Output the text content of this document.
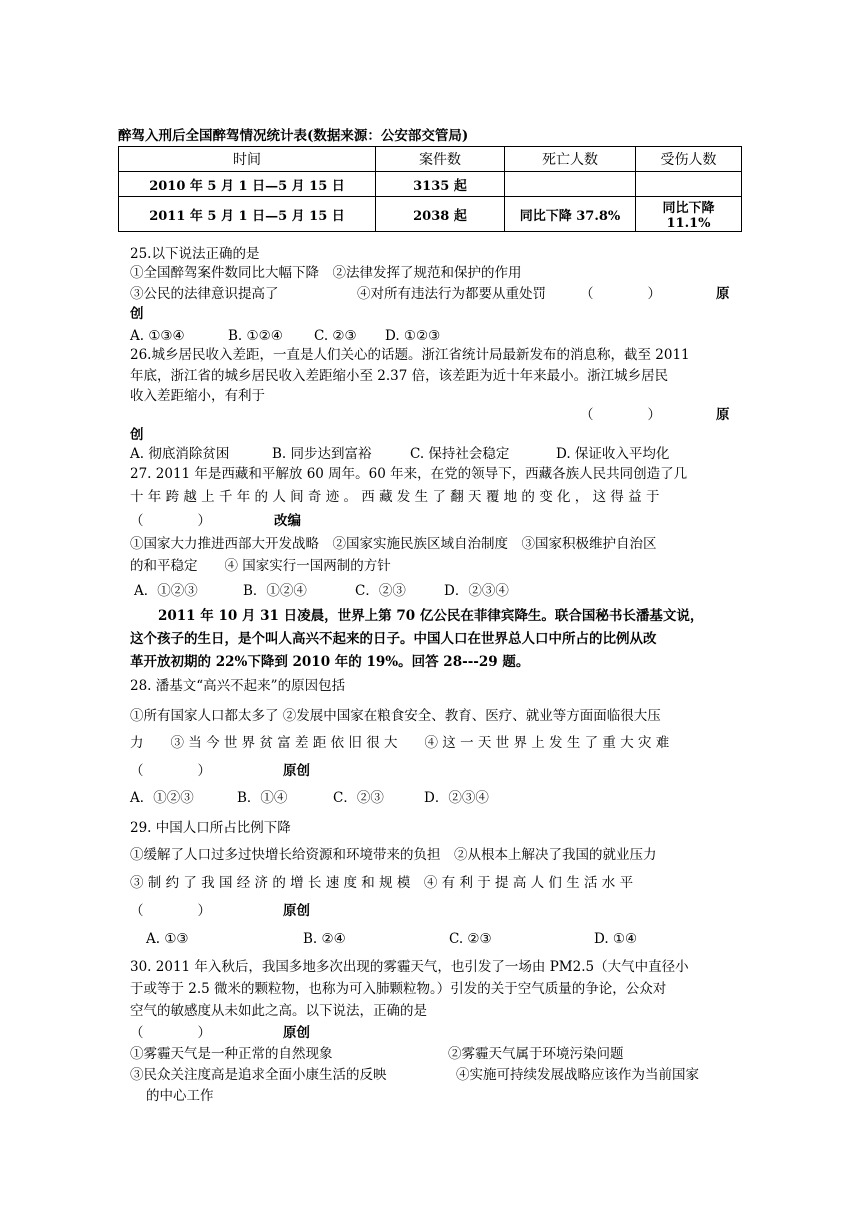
醉驾入刑后全国醉驾情况统计表(数据来源：公安部交管局)
时间	案件数	死亡人数	受伤人数
2010 年 5 月 1 日—5 月 15 日	3135 起		
2011 年 5 月 1 日—5 月 15 日	2038 起	同比下降 37.8%	同比下降 11.1%
25.以下说法正确的是
①全国醉驾案件数同比大幅下降　②法律发挥了规范和保护的作用
③公民的法律意识提高了	④对所有违法行为都要从重处罚	（　　　　）	原
创
A. ①③④	B. ①②④ C. ②③ D. ①②③
26.城乡居民收入差距，一直是人们关心的话题。浙江省统计局最新发布的消息称，截至 2011
年底，浙江省的城乡居民收入差距缩小至 2.37 倍，该差距为近十年来最小。浙江城乡居民
收入差距缩小，有利于
（　　　　）	原
创
A. 彻底消除贫困	B. 同步达到富裕	C. 保持社会稳定	D. 保证收入平均化
27. 2011 年是西藏和平解放 60 周年。60 年来，在党的领导下，西藏各族人民共同创造了几
十 年 跨 越 上 千 年 的 人 间 奇 迹 。 西 藏 发 生 了 翻 天 覆 地 的 变 化 ， 这 得 益 于
（　　　　）	改编
①国家大力推进西部大开发战略　②国家实施民族区域自治制度　③国家积极维护自治区
的和平稳定　　④ 国家实行一国两制的方针
A．①②③	B．①②④	C．②③	D．②③④
2011 年 10 月 31 日凌晨，世界上第 70 亿公民在菲律宾降生。联合国秘书长潘基文说，
这个孩子的生日，是个叫人高兴不起来的日子。中国人口在世界总人口中所占的比例从改
革开放初期的 22%下降到 2010 年的 19%。回答 28---29 题。
28. 潘基文“高兴不起来”的原因包括
①所有国家人口都太多了 ②发展中国家在粮食安全、教育、医疗、就业等方面面临很大压
力　　③ 当 今 世 界 贫 富 差 距 依 旧 很 大　　④ 这 一 天 世 界 上 发 生 了 重 大 灾 难
（　　　　）	原创
A．①②③	B．①④	C．②③	D．②③④
29. 中国人口所占比例下降
①缓解了人口过多过快增长给资源和环境带来的负担　②从根本上解决了我国的就业压力
③ 制 约 了 我 国 经 济 的 增 长 速 度 和 规 模　④ 有 利 于 提 高 人 们 生 活 水 平
（　　　　）	原创
A. ①③	B. ②④	C. ②③	D. ①④
30. 2011 年入秋后，我国多地多次出现的雾霾天气，也引发了一场由 PM2.5（大气中直径小
于或等于 2.5 微米的颗粒物，也称为可入肺颗粒物。）引发的关于空气质量的争论，公众对
空气的敏感度从未如此之高。以下说法，正确的是
（　　　　）	原创
①雾霾天气是一种正常的自然现象	②雾霾天气属于环境污染问题
③民众关注度高是追求全面小康生活的反映	④实施可持续发展战略应该作为当前国家
的中心工作
